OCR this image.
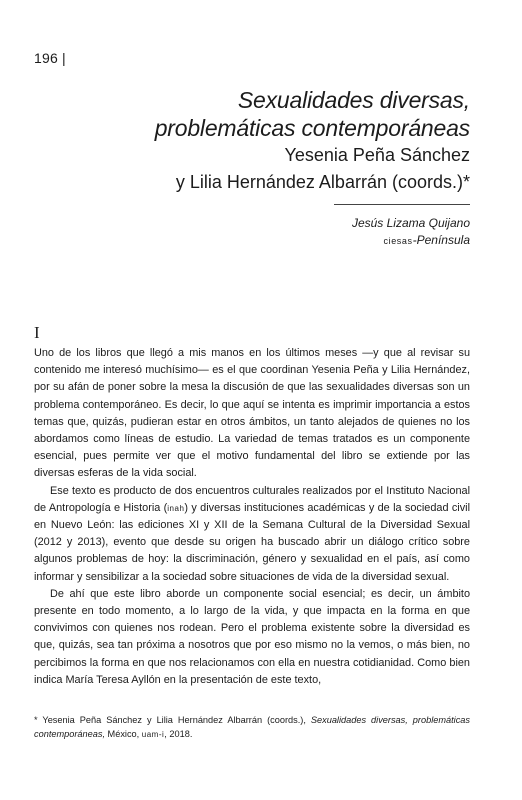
196 |
Sexualidades diversas,
problemáticas contemporáneas

Yesenia Peña Sánchez
y Lilia Hernández Albarrán (coords.)*

Jesús Lizama Quijano
ciesas-Península
I

Uno de los libros que llegó a mis manos en los últimos meses —y que al revisar su contenido me interesó muchísimo— es el que coordinan Yesenia Peña y Lilia Hernández, por su afán de poner sobre la mesa la discusión de que las sexualidades diversas son un problema contemporáneo. Es decir, lo que aquí se intenta es imprimir importancia a estos temas que, quizás, pudieran estar en otros ámbitos, un tanto alejados de quienes no los abordamos como líneas de estudio. La variedad de temas tratados es un componente esencial, pues permite ver que el motivo fundamental del libro se extiende por las diversas esferas de la vida social.

Ese texto es producto de dos encuentros culturales realizados por el Instituto Nacional de Antropología e Historia (inah) y diversas instituciones académicas y de la sociedad civil en Nuevo León: las ediciones XI y XII de la Semana Cultural de la Diversidad Sexual (2012 y 2013), evento que desde su origen ha buscado abrir un diálogo crítico sobre algunos problemas de hoy: la discriminación, género y sexualidad en el país, así como informar y sensibilizar a la sociedad sobre situaciones de vida de la diversidad sexual.

De ahí que este libro aborde un componente social esencial; es decir, un ámbito presente en todo momento, a lo largo de la vida, y que impacta en la forma en que convivimos con quienes nos rodean. Pero el problema existente sobre la diversidad es que, quizás, sea tan próxima a nosotros que por eso mismo no la vemos, o más bien, no percibimos la forma en que nos relacionamos con ella en nuestra cotidianidad. Como bien indica María Teresa Ayllón en la presentación de este texto,

* Yesenia Peña Sánchez y Lilia Hernández Albarrán (coords.), Sexualidades diversas, problemáticas contemporáneas, México, uam-i, 2018.
